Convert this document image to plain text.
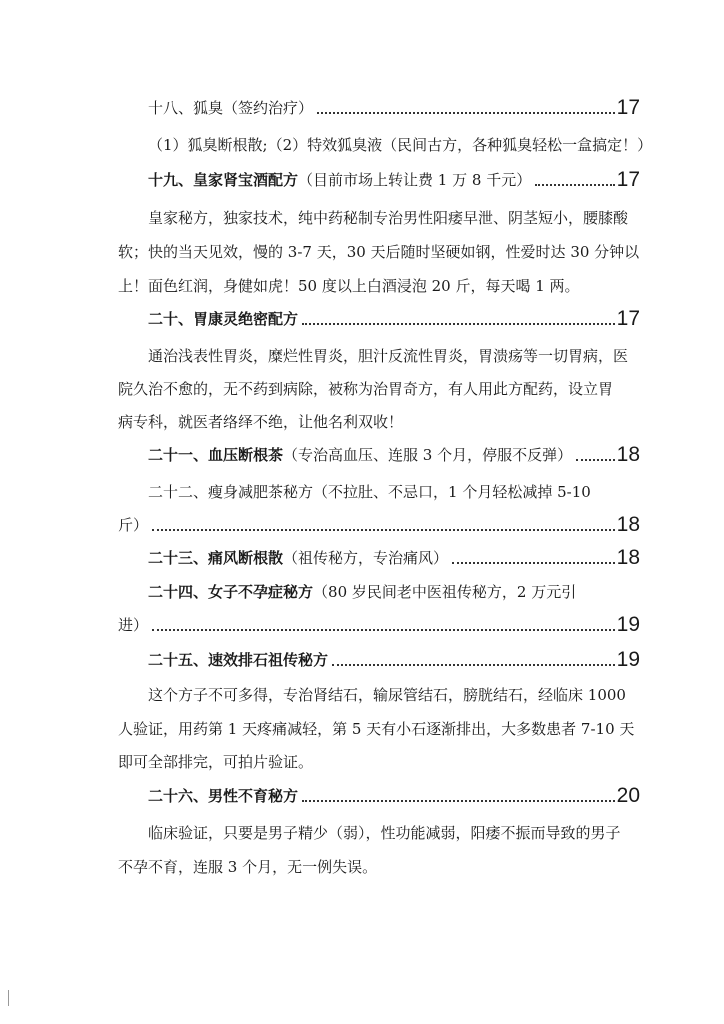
十八、狐臭（签约治疗）	17
（1）狐臭断根散;（2）特效狐臭液（民间古方，各种狐臭轻松一盒搞定！）
十九、皇家肾宝酒配方（目前市场上转让费 1 万 8 千元）	17
皇家秘方，独家技术，纯中药秘制专治男性阳痿早泄、阴茎短小，腰膝酸
软；快的当天见效，慢的 3-7 天，30 天后随时坚硬如钢，性爱时达 30 分钟以
上！面色红润，身健如虎！50 度以上白酒浸泡 20 斤，每天喝 1 两。
二十、胃康灵绝密配方	17
通治浅表性胃炎，糜烂性胃炎，胆汁反流性胃炎，胃溃疡等一切胃病，医
院久治不愈的，无不药到病除，被称为治胃奇方，有人用此方配药，设立胃
病专科，就医者络绎不绝，让他名利双收！
二十一、血压断根茶（专治高血压、连服 3 个月，停服不反弹） 18
二十二、瘦身减肥茶秘方（不拉肚、不忌口，1 个月轻松减掉 5-10
斤）	18
二十三、痛风断根散（祖传秘方，专治痛风）	18
二十四、女子不孕症秘方（80 岁民间老中医祖传秘方，2 万元引
进）	19
二十五、速效排石祖传秘方	19
这个方子不可多得，专治肾结石，输尿管结石，膀胱结石，经临床 1000
人验证，用药第 1 天疼痛减轻，第 5 天有小石逐渐排出，大多数患者 7-10 天
即可全部排完，可拍片验证。
二十六、男性不育秘方	20
临床验证，只要是男子精少（弱），性功能减弱，阳痿不振而导致的男子
不孕不育，连服 3 个月，无一例失误。
